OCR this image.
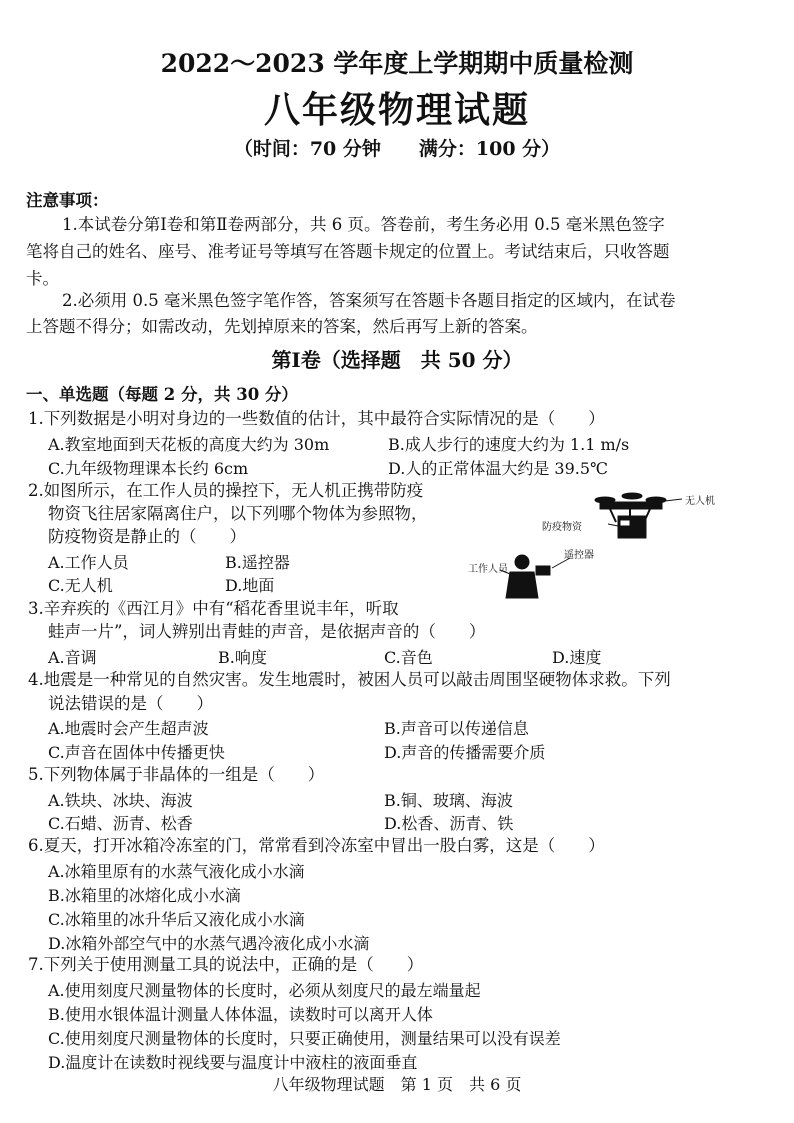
2022～2023 学年度上学期期中质量检测
八年级物理试题
（时间：70 分钟　　满分：100 分）
注意事项：
1.本试卷分第Ⅰ卷和第Ⅱ卷两部分，共 6 页。答卷前，考生务必用 0.5 毫米黑色签字
笔将自己的姓名、座号、准考证号等填写在答题卡规定的位置上。考试结束后，只收答题
卡。
2.必须用 0.5 毫米黑色签字笔作答，答案须写在答题卡各题目指定的区域内，在试卷
上答题不得分；如需改动，先划掉原来的答案，然后再写上新的答案。
第Ⅰ卷（选择题　共 50 分）
一、单选题（每题 2 分，共 30 分）
1.下列数据是小明对身边的一些数值的估计，其中最符合实际情况的是（　　）
A.教室地面到天花板的高度大约为 30m	B.成人步行的速度大约为 1.1 m/s
C.九年级物理课本长约 6cm	D.人的正常体温大约是 39.5℃
2.如图所示，在工作人员的操控下，无人机正携带防疫
物资飞往居家隔离住户，以下列哪个物体为参照物，
防疫物资是静止的（　　）
A.工作人员	B.遥控器
C.无人机	D.地面
无人机
防疫物资
遥控器
工作人员
3.辛弃疾的《西江月》中有“稻花香里说丰年，听取
蛙声一片”，词人辨别出青蛙的声音，是依据声音的（　　）
A.音调	B.响度	C.音色	D.速度
4.地震是一种常见的自然灾害。发生地震时，被困人员可以敲击周围坚硬物体求救。下列
说法错误的是（　　）
A.地震时会产生超声波	B.声音可以传递信息
C.声音在固体中传播更快	D.声音的传播需要介质
5.下列物体属于非晶体的一组是（　　）
A.铁块、冰块、海波	B.铜、玻璃、海波
C.石蜡、沥青、松香	D.松香、沥青、铁
6.夏天，打开冰箱冷冻室的门，常常看到冷冻室中冒出一股白雾，这是（　　）
A.冰箱里原有的水蒸气液化成小水滴
B.冰箱里的冰熔化成小水滴
C.冰箱里的冰升华后又液化成小水滴
D.冰箱外部空气中的水蒸气遇冷液化成小水滴
7.下列关于使用测量工具的说法中，正确的是（　　）
A.使用刻度尺测量物体的长度时，必须从刻度尺的最左端量起
B.使用水银体温计测量人体体温，读数时可以离开人体
C.使用刻度尺测量物体的长度时，只要正确使用，测量结果可以没有误差
D.温度计在读数时视线要与温度计中液柱的液面垂直
八年级物理试题　第 1 页　共 6 页
